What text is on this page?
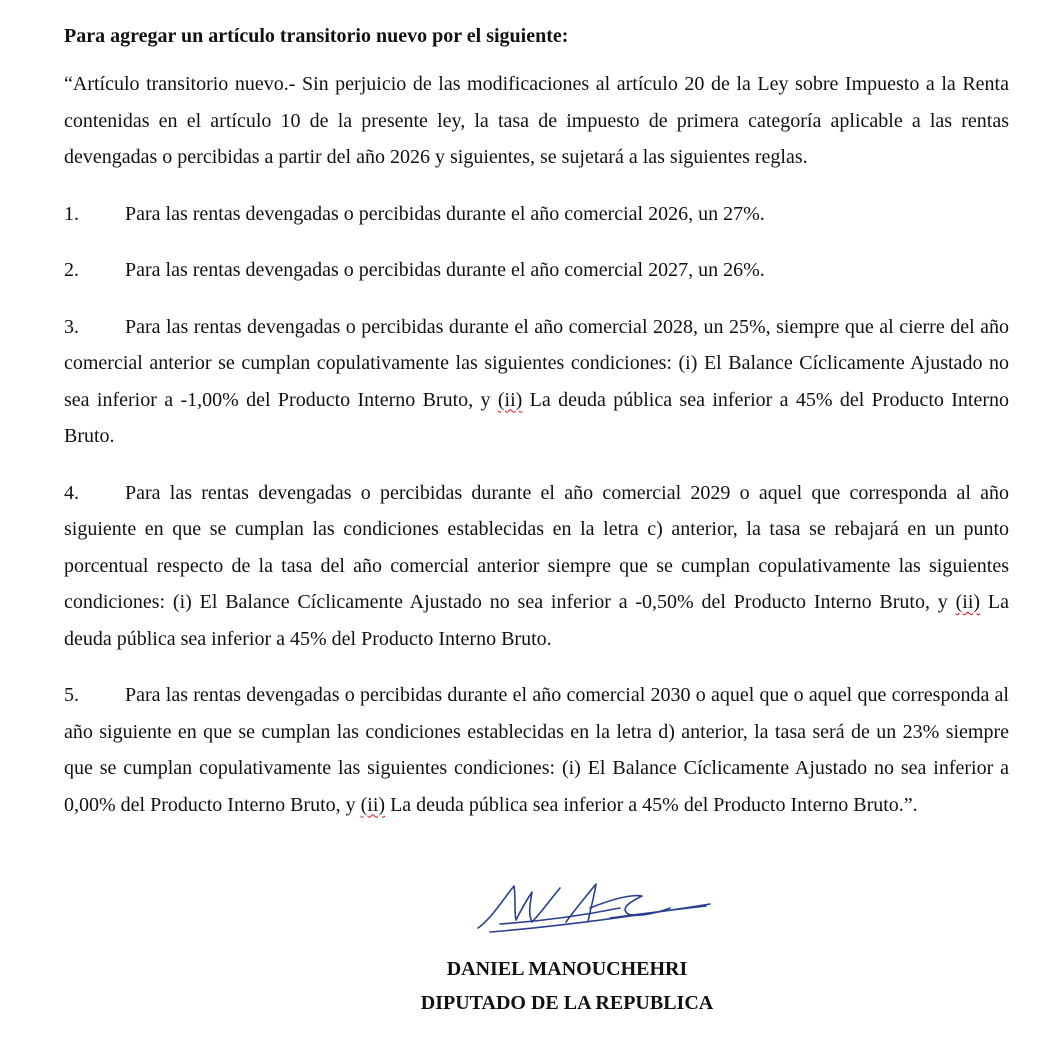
Para agregar un artículo transitorio nuevo por el siguiente:
“Artículo transitorio nuevo.- Sin perjuicio de las modificaciones al artículo 20 de la Ley sobre Impuesto a la Renta contenidas en el artículo 10 de la presente ley, la tasa de impuesto de primera categoría aplicable a las rentas devengadas o percibidas a partir del año 2026 y siguientes, se sujetará a las siguientes reglas.
1. Para las rentas devengadas o percibidas durante el año comercial 2026, un 27%.
2. Para las rentas devengadas o percibidas durante el año comercial 2027, un 26%.
3. Para las rentas devengadas o percibidas durante el año comercial 2028, un 25%, siempre que al cierre del año comercial anterior se cumplan copulativamente las siguientes condiciones: (i) El Balance Cíclicamente Ajustado no sea inferior a -1,00% del Producto Interno Bruto, y (ii) La deuda pública sea inferior a 45% del Producto Interno Bruto.
4. Para las rentas devengadas o percibidas durante el año comercial 2029 o aquel que corresponda al año siguiente en que se cumplan las condiciones establecidas en la letra c) anterior, la tasa se rebajará en un punto porcentual respecto de la tasa del año comercial anterior siempre que se cumplan copulativamente las siguientes condiciones: (i) El Balance Cíclicamente Ajustado no sea inferior a -0,50% del Producto Interno Bruto, y (ii) La deuda pública sea inferior a 45% del Producto Interno Bruto.
5. Para las rentas devengadas o percibidas durante el año comercial 2030 o aquel que o aquel que corresponda al año siguiente en que se cumplan las condiciones establecidas en la letra d) anterior, la tasa será de un 23% siempre que se cumplan copulativamente las siguientes condiciones: (i) El Balance Cíclicamente Ajustado no sea inferior a 0,00% del Producto Interno Bruto, y (ii) La deuda pública sea inferior a 45% del Producto Interno Bruto.”.
DANIEL MANOUCHEHRI
DIPUTADO DE LA REPUBLICA
